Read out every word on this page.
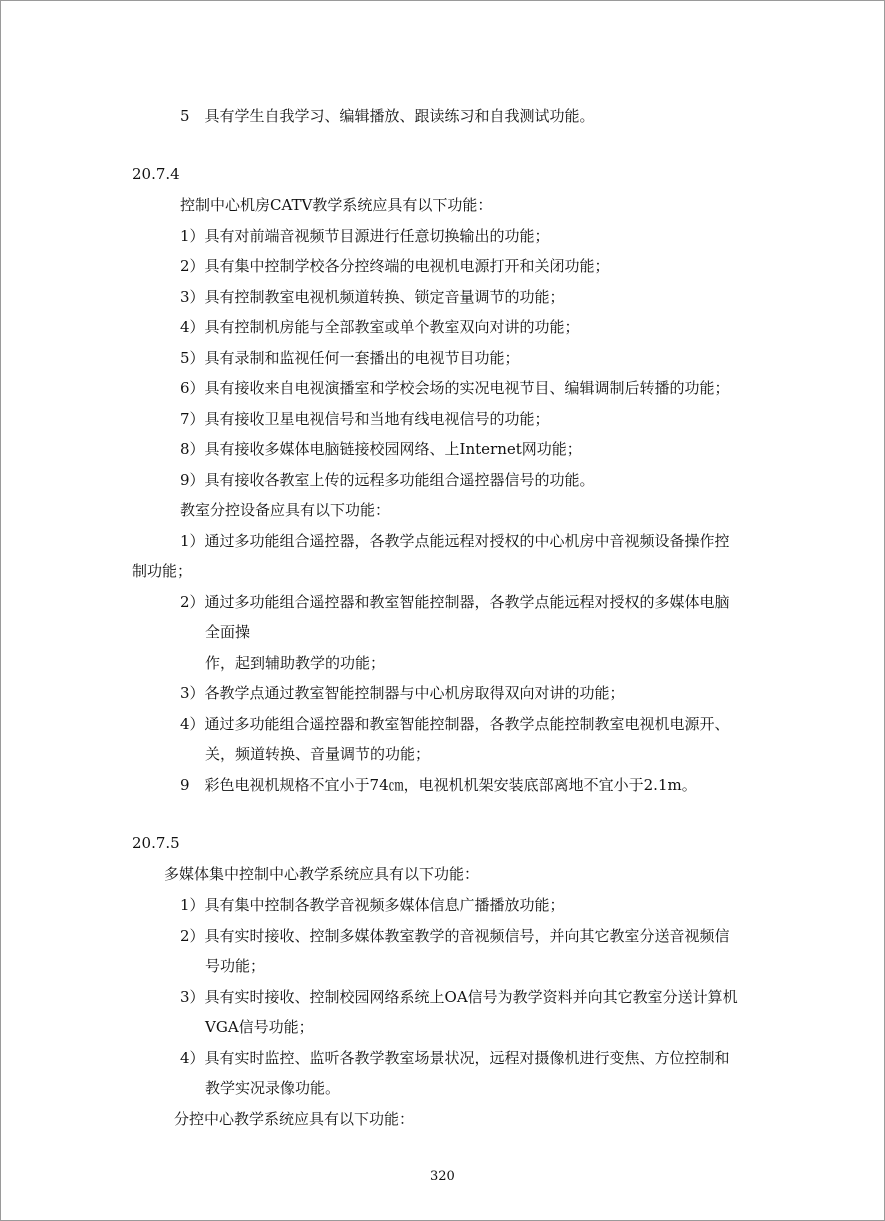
5　具有学生自我学习、编辑播放、跟读练习和自我测试功能。
20.7.4
控制中心机房CATV教学系统应具有以下功能：
1）具有对前端音视频节目源进行任意切换输出的功能；
2）具有集中控制学校各分控终端的电视机电源打开和关闭功能；
3）具有控制教室电视机频道转换、锁定音量调节的功能；
4）具有控制机房能与全部教室或单个教室双向对讲的功能；
5）具有录制和监视任何一套播出的电视节目功能；
6）具有接收来自电视演播室和学校会场的实况电视节目、编辑调制后转播的功能；
7）具有接收卫星电视信号和当地有线电视信号的功能；
8）具有接收多媒体电脑链接校园网络、上Internet网功能；
9）具有接收各教室上传的远程多功能组合遥控器信号的功能。
教室分控设备应具有以下功能：
1）通过多功能组合遥控器，各教学点能远程对授权的中心机房中音视频设备操作控
制功能；
2）通过多功能组合遥控器和教室智能控制器，各教学点能远程对授权的多媒体电脑
全面操
作，起到辅助教学的功能；
3）各教学点通过教室智能控制器与中心机房取得双向对讲的功能；
4）通过多功能组合遥控器和教室智能控制器，各教学点能控制教室电视机电源开、
关，频道转换、音量调节的功能；
9　彩色电视机规格不宜小于74㎝，电视机机架安装底部离地不宜小于2.1m。
20.7.5
多媒体集中控制中心教学系统应具有以下功能：
1）具有集中控制各教学音视频多媒体信息广播播放功能；
2）具有实时接收、控制多媒体教室教学的音视频信号，并向其它教室分送音视频信
号功能；
3）具有实时接收、控制校园网络系统上OA信号为教学资料并向其它教室分送计算机
VGA信号功能；
4）具有实时监控、监听各教学教室场景状况，远程对摄像机进行变焦、方位控制和
教学实况录像功能。
分控中心教学系统应具有以下功能：
320
